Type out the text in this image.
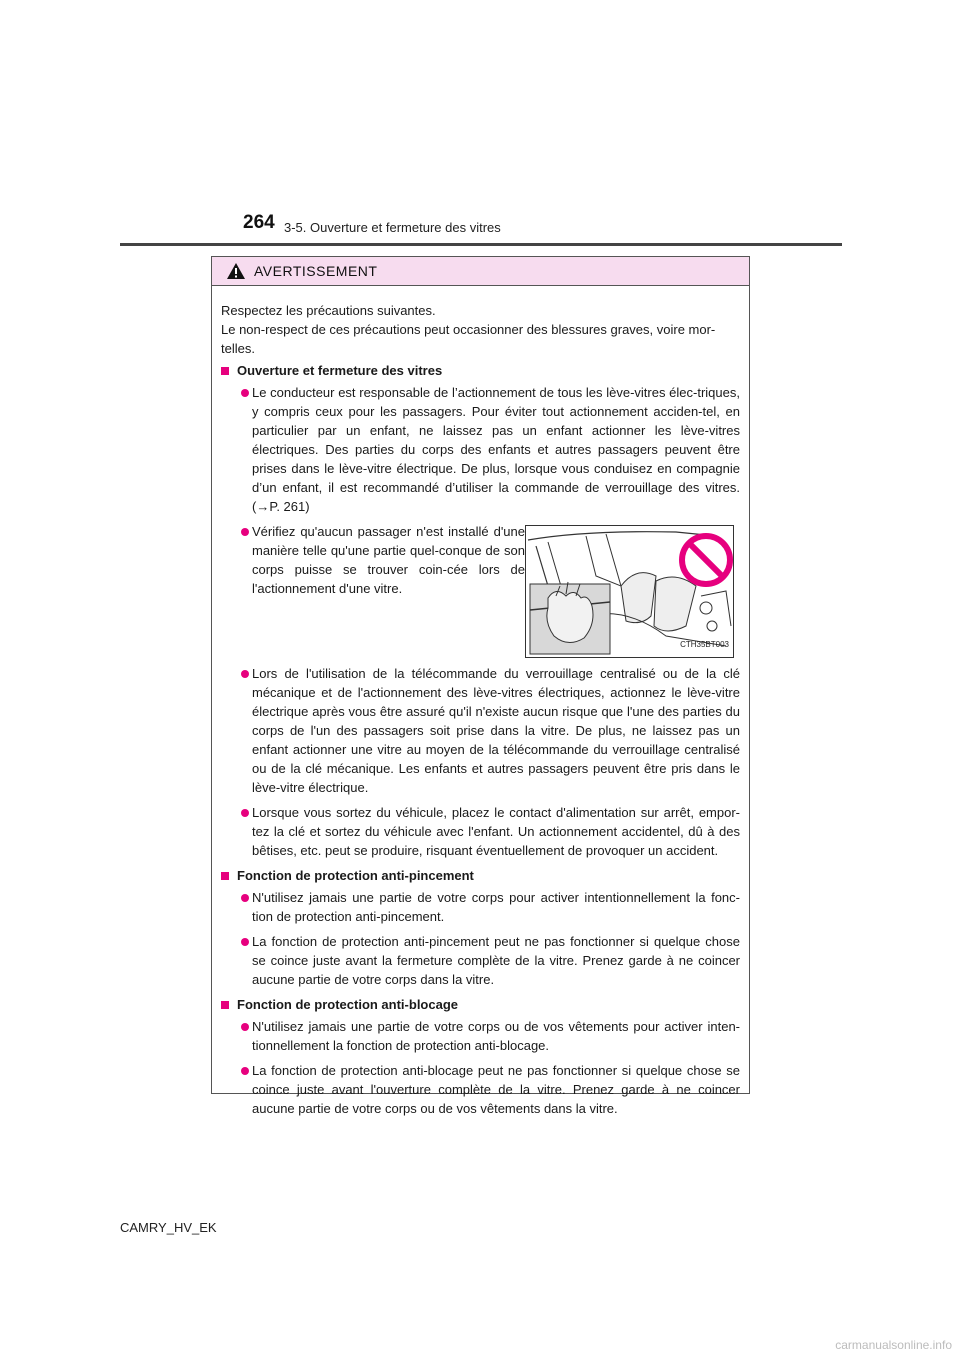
264 3-5. Ouverture et fermeture des vitres
AVERTISSEMENT

Respectez les précautions suivantes.

Le non-respect de ces précautions peut occasionner des blessures graves, voire mor-telles.

Ouverture et fermeture des vitres
Le conducteur est responsable de l’actionnement de tous les lève-vitres élec-triques, y compris ceux pour les passagers. Pour éviter tout actionnement acciden-tel, en particulier par un enfant, ne laissez pas un enfant actionner les lève-vitres électriques. Des parties du corps des enfants et autres passagers peuvent être prises dans le lève-vitre électrique. De plus, lorsque vous conduisez en compagnie d’un enfant, il est recommandé d’utiliser la commande de verrouillage des vitres. (→P. 261)
Vérifiez qu'aucun passager n'est installé d'une manière telle qu'une partie quel-conque de son corps puisse se trouver coin-cée lors de l'actionnement d'une vitre.
CTH35BT003
Lors de l'utilisation de la télécommande du verrouillage centralisé ou de la clé mécanique et de l'actionnement des lève-vitres électriques, actionnez le lève-vitre électrique après vous être assuré qu'il n'existe aucun risque que l'une des parties du corps de l'un des passagers soit prise dans la vitre. De plus, ne laissez pas un enfant actionner une vitre au moyen de la télécommande du verrouillage centralisé ou de la clé mécanique. Les enfants et autres passagers peuvent être pris dans le lève-vitre électrique.
Lorsque vous sortez du véhicule, placez le contact d'alimentation sur arrêt, empor-tez la clé et sortez du véhicule avec l'enfant. Un actionnement accidentel, dû à des bêtises, etc. peut se produire, risquant éventuellement de provoquer un accident.
Fonction de protection anti-pincement
N'utilisez jamais une partie de votre corps pour activer intentionnellement la fonc-tion de protection anti-pincement.
La fonction de protection anti-pincement peut ne pas fonctionner si quelque chose se coince juste avant la fermeture complète de la vitre. Prenez garde à ne coincer aucune partie de votre corps dans la vitre.
Fonction de protection anti-blocage
N'utilisez jamais une partie de votre corps ou de vos vêtements pour activer inten-tionnellement la fonction de protection anti-blocage.
La fonction de protection anti-blocage peut ne pas fonctionner si quelque chose se coince juste avant l'ouverture complète de la vitre. Prenez garde à ne coincer aucune partie de votre corps ou de vos vêtements dans la vitre.
CAMRY_HV_EK
carmanualsonline.info
